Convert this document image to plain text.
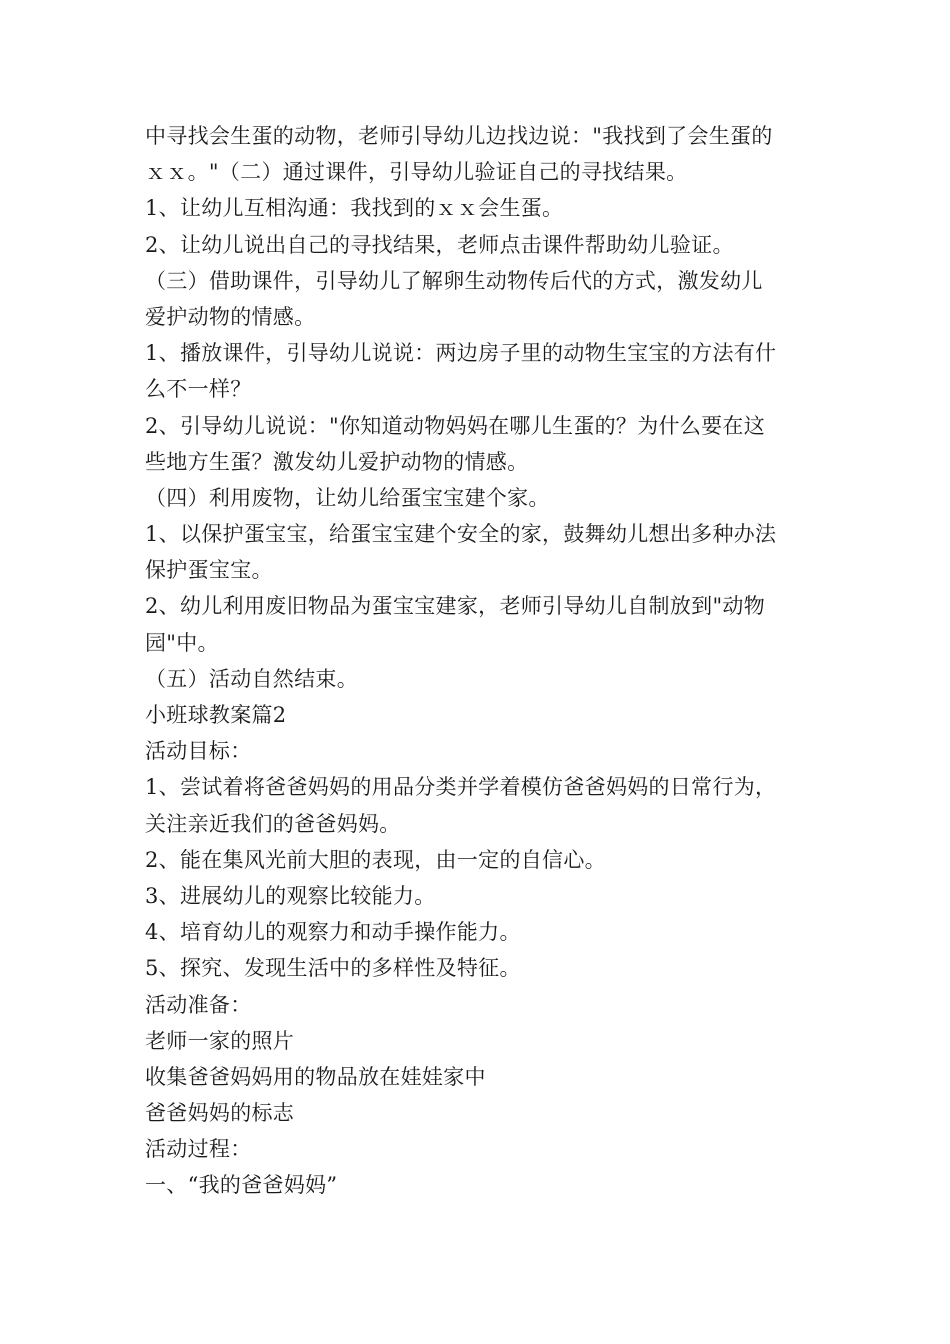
中寻找会生蛋的动物，老师引导幼儿边找边说："我找到了会生蛋的
ｘｘ。"（二）通过课件，引导幼儿验证自己的寻找结果。
1、让幼儿互相沟通：我找到的ｘｘ会生蛋。
2、让幼儿说出自己的寻找结果，老师点击课件帮助幼儿验证。
（三）借助课件，引导幼儿了解卵生动物传后代的方式，激发幼儿
爱护动物的情感。
1、播放课件，引导幼儿说说：两边房子里的动物生宝宝的方法有什
么不一样？
2、引导幼儿说说："你知道动物妈妈在哪儿生蛋的？为什么要在这
些地方生蛋？激发幼儿爱护动物的情感。
（四）利用废物，让幼儿给蛋宝宝建个家。
1、以保护蛋宝宝，给蛋宝宝建个安全的家，鼓舞幼儿想出多种办法
保护蛋宝宝。
2、幼儿利用废旧物品为蛋宝宝建家，老师引导幼儿自制放到"动物
园"中。
（五）活动自然结束。
小班球教案篇2
活动目标：
1、尝试着将爸爸妈妈的用品分类并学着模仿爸爸妈妈的日常行为，
关注亲近我们的爸爸妈妈。
2、能在集风光前大胆的表现，由一定的自信心。
3、进展幼儿的观察比较能力。
4、培育幼儿的观察力和动手操作能力。
5、探究、发现生活中的多样性及特征。
活动准备：
老师一家的照片
收集爸爸妈妈用的物品放在娃娃家中
爸爸妈妈的标志
活动过程：
一、“我的爸爸妈妈”
